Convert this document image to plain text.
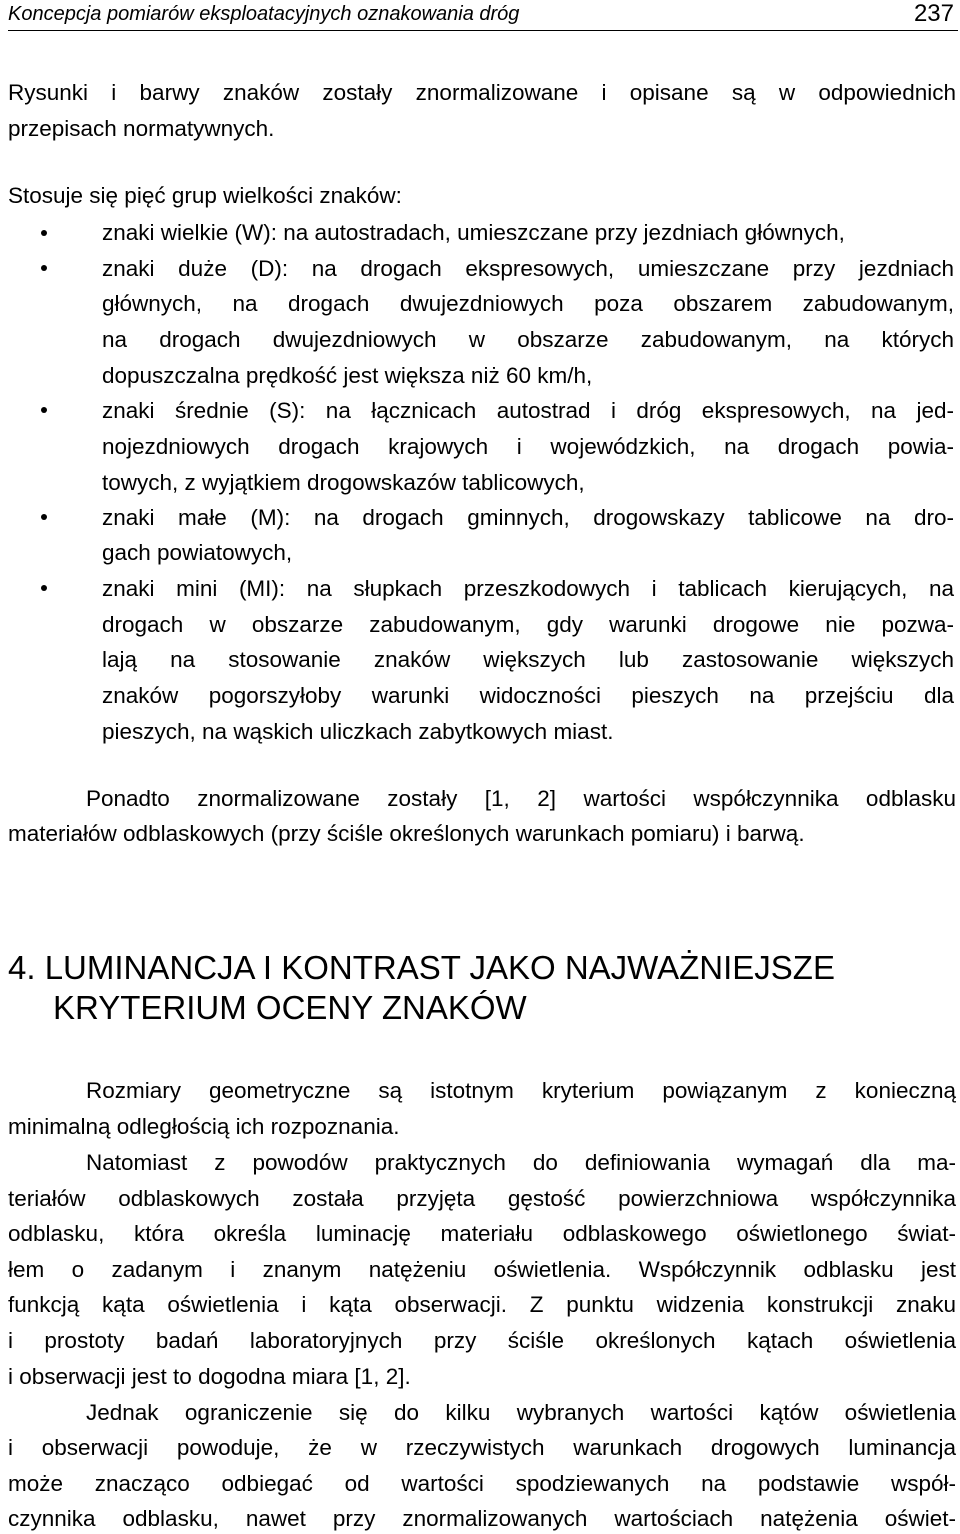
Koncepcja pomiarów eksploatacyjnych oznakowania dróg	237
Rysunki i barwy znaków zostały znormalizowane i opisane są w odpowiednich
przepisach normatywnych.
Stosuje się pięć grup wielkości znaków:
znaki wielkie (W): na autostradach, umieszczane przy jezdniach głównych,
znaki duże (D): na drogach ekspresowych, umieszczane przy jezdniach
głównych, na drogach dwujezdniowych poza obszarem zabudowanym,
na drogach dwujezdniowych w obszarze zabudowanym, na których
dopuszczalna prędkość jest większa niż 60 km/h,
znaki średnie (S): na łącznicach autostrad i dróg ekspresowych, na jed-
nojezdniowych drogach krajowych i wojewódzkich, na drogach powia-
towych, z wyjątkiem drogowskazów tablicowych,
znaki małe (M): na drogach gminnych, drogowskazy tablicowe na dro-
gach powiatowych,
znaki mini (MI): na słupkach przeszkodowych i tablicach kierujących, na
drogach w obszarze zabudowanym, gdy warunki drogowe nie pozwa-
lają na stosowanie znaków większych lub zastosowanie większych
znaków pogorszyłoby warunki widoczności pieszych na przejściu dla
pieszych, na wąskich uliczkach zabytkowych miast.
Ponadto znormalizowane zostały [1, 2] wartości współczynnika odblasku
materiałów odblaskowych (przy ściśle określonych warunkach pomiaru) i barwą.
4. LUMINANCJA I KONTRAST JAKO NAJWAŻNIEJSZE
KRYTERIUM OCENY ZNAKÓW
Rozmiary geometryczne są istotnym kryterium powiązanym z konieczną
minimalną odległością ich rozpoznania.
Natomiast z powodów praktycznych do definiowania wymagań dla ma-
teriałów odblaskowych została przyjęta gęstość powierzchniowa współczynnika
odblasku, która określa luminację materiału odblaskowego oświetlonego świat-
łem o zadanym i znanym natężeniu oświetlenia. Współczynnik odblasku jest
funkcją kąta oświetlenia i kąta obserwacji. Z punktu widzenia konstrukcji znaku
i prostoty badań laboratoryjnych przy ściśle określonych kątach oświetlenia
i obserwacji jest to dogodna miara [1, 2].
Jednak ograniczenie się do kilku wybranych wartości kątów oświetlenia
i obserwacji powoduje, że w rzeczywistych warunkach drogowych luminancja
może znacząco odbiegać od wartości spodziewanych na podstawie współ-
czynnika odblasku, nawet przy znormalizowanych wartościach natężenia oświet-
